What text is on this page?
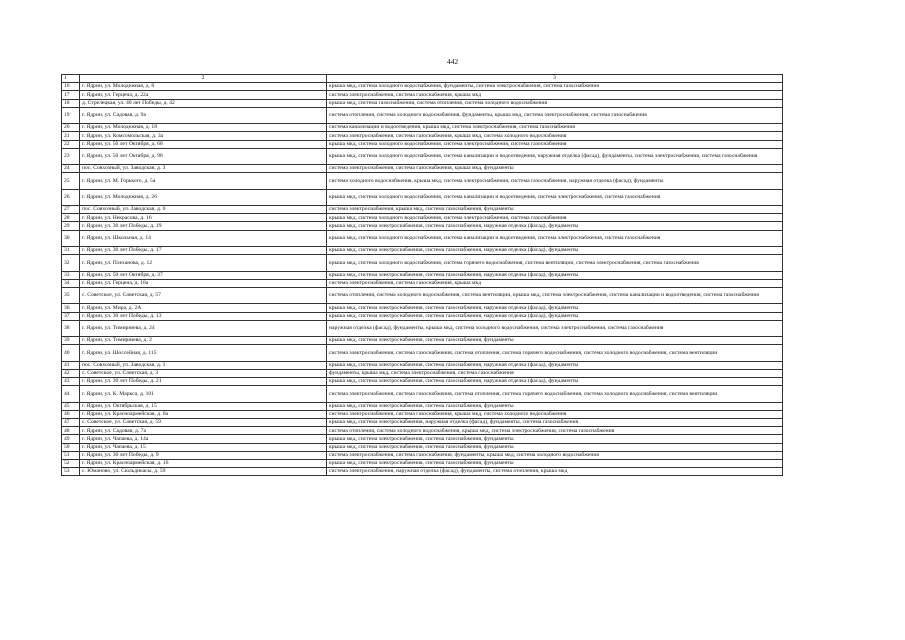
442
1	2	3
16	г. Ядрин, ул. Молодежная, д. 8	крыша мкд, система холодного водоснабжения, фундаменты, система электроснабжения, система газоснабжения
17	г. Ядрин, ул. Герцена, д. 22а	система электроснабжения, система газоснабжения, крыша мкд
18	д. Стрелецкая, ул. 40 лет Победы, д. 42	крыша мкд, система газоснабжения, система отопления, система холодного водоснабжения
19	г. Ядрин, ул. Садовая, д. 9а	система отопления, система холодного водоснабжения, фундаменты, крыша мкд, система электроснабжения, система газоснабжения
20	г. Ядрин, ул. Молодежная, д. 18	система канализации и водоотведения, крыша мкд, система электроснабжения, система газоснабжения
21	г. Ядрин, ул. Комсомольская, д. 3а	система электроснабжения, система газоснабжения, крыша мкд, система холодного водоснабжения
22	г. Ядрин, ул. 50 лет Октября, д. 68	крыша мкд, система холодного водоснабжения, система электроснабжения, система газоснабжения
23	г. Ядрин, ул. 50 лет Октября, д. 98	крыша мкд, система холодного водоснабжения, система канализации и водоотведения, наружная отделка (фасад), фундаменты, система электроснабжения, система газоснабжения
24	пос. Совхозный, ул. Заводская, д. 3	система электроснабжения, система газоснабжения, крыша мкд, фундаменты
25	г. Ядрин, ул. М. Горького, д. 5а	система холодного водоснабжения, крыша мкд, система электроснабжения, система газоснабжения, наружная отделка (фасад), фундаменты
26	г. Ядрин, ул. Молодежная, д. 26	крыша мкд, система холодного водоснабжения, система канализации и водоотведения, система электроснабжения, система газоснабжения
27	пос. Совхозный, ул. Заводская, д. 6	система электроснабжения, крыша мкд, система газоснабжения, фундаменты
28	г. Ядрин, ул. Некрасова, д. 16	крыша мкд, система холодного водоснабжения, система электроснабжения, система газоснабжения
29	г. Ядрин, ул. 30 лет Победы, д. 19	крыша мкд, система электроснабжения, система газоснабжения, наружная отделка (фасад), фундаменты
30	г. Ядрин, ул. Школьная, д. 14	крыша мкд, система холодного водоснабжения, система канализации и водоотведения, система электроснабжения, система газоснабжения
31	г. Ядрин, ул. 30 лет Победы, д. 17	крыша мкд, система электроснабжения, система газоснабжения, наружная отделка (фасад), фундаменты
32	г. Ядрин, ул. Плеханова, д. 12	крыша мкд, система холодного водоснабжения, система горячего водоснабжения, система вентиляции, система электроснабжения, система газоснабжения
33	г. Ядрин, ул. 50 лет Октября, д. 37	крыша мкд, система электроснабжения, система газоснабжения, наружная отделка (фасад), фундаменты
34	г. Ядрин, ул. Герцена, д. 18а	система электроснабжения, система газоснабжения, крыша мкд
35	с. Советское, ул. Советская, д. 57	система отопления, система холодного водоснабжения, система вентиляции, крыша мкд, система электроснабжения, система канализации и водоотведения, система газоснабжения
36	г. Ядрин, ул. Мира, д. 2А	крыша мкд, система электроснабжения, система газоснабжения, наружная отделка (фасад), фундаменты
37	г. Ядрин, ул. 30 лет Победы, д. 13	крыша мкд, система электроснабжения, система газоснабжения, наружная отделка (фасад), фундаменты
38	г. Ядрин, ул. Тимирязева, д. 24	наружная отделка (фасад), фундаменты, крыша мкд, система холодного водоснабжения, система электроснабжения, система газоснабжения
39	г. Ядрин, ул. Тимирязева, д. 2	крыша мкд, система электроснабжения, система газоснабжения, фундаменты
40	г. Ядрин, ул. Шоссейная, д. 115	система электроснабжения, система газоснабжения, система отопления, система горячего водоснабжения, система холодного водоснабжения, система вентиляции
41	пос. Совхозный, ул. Заводская, д. 1	крыша мкд, система электроснабжения, система газоснабжения, наружная отделка (фасад), фундаменты
42	с. Советское, ул. Советская, д. 3	фундаменты, крыша мкд, система электроснабжения, система газоснабжения
43	г. Ядрин, ул. 30 лет Победы, д. 21	крыша мкд, система электроснабжения, система газоснабжения, наружная отделка (фасад), фундаменты
44	г. Ядрин, ул. К. Маркса, д. 101	система электроснабжения, система газоснабжения, система отопления, система горячего водоснабжения, система холодного водоснабжения, система вентиляции
45	г. Ядрин, ул. Октябрьская, д. 15	крыша мкд, система электроснабжения, система газоснабжения, фундаменты
46	г. Ядрин, ул. Красноармейская, д. 8а	система электроснабжения, система газоснабжения, крыша мкд, система холодного водоснабжения
47	с. Советское, ул. Советская, д. 59	крыша мкд, система электроснабжения, наружная отделка (фасад), фундаменты, система газоснабжения
48	г. Ядрин, ул. Садовая, д. 7а	система отопления, система холодного водоснабжения, крыша мкд, система электроснабжения, система газоснабжения
49	г. Ядрин, ул. Чапаева, д. 14а	крыша мкд, система электроснабжения, система газоснабжения, фундаменты
50	г. Ядрин, ул. Чапаева, д. 15	крыша мкд, система электроснабжения, система газоснабжения, фундаменты
51	г. Ядрин, ул. 30 лет Победы, д. 9	система электроснабжения, система газоснабжения, фундаменты, крыша мкд, система холодного водоснабжения
52	г. Ядрин, ул. Красноармейская, д. 16	крыша мкд, система электроснабжения, система газоснабжения, фундаменты
53	с. Юманово, ул. Сюльдикасы, д. 59	система электроснабжения, наружная отделка (фасад), фундаменты, система отопления, крыша мкд
